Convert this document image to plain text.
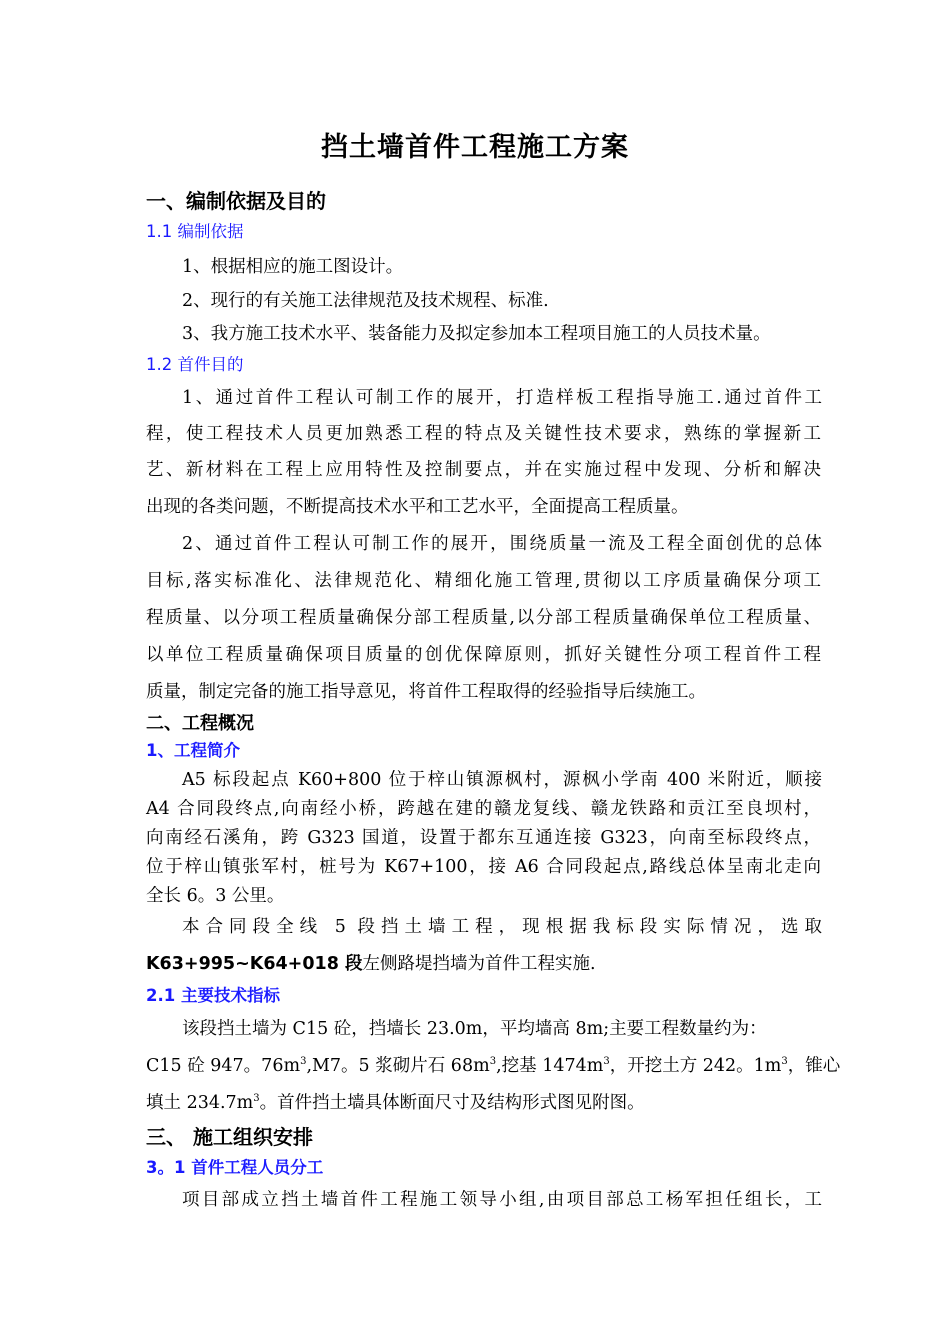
挡土墙首件工程施工方案
一、编制依据及目的
1.1 编制依据
1、根据相应的施工图设计。
2、现行的有关施工法律规范及技术规程、标准.
3、我方施工技术水平、装备能力及拟定参加本工程项目施工的人员技术量。
1.2 首件目的
1、通过首件工程认可制工作的展开，打造样板工程指导施工.通过首件工
程，使工程技术人员更加熟悉工程的特点及关键性技术要求，熟练的掌握新工
艺、新材料在工程上应用特性及控制要点，并在实施过程中发现、分析和解决
出现的各类问题，不断提高技术水平和工艺水平，全面提高工程质量。
2、通过首件工程认可制工作的展开，围绕质量一流及工程全面创优的总体
目标,落实标准化、法律规范化、精细化施工管理,贯彻以工序质量确保分项工
程质量、以分项工程质量确保分部工程质量,以分部工程质量确保单位工程质量、
以单位工程质量确保项目质量的创优保障原则，抓好关键性分项工程首件工程
质量，制定完备的施工指导意见，将首件工程取得的经验指导后续施工。
二、工程概况
1、工程简介
A5 标段起点 K60+800 位于梓山镇源枫村，源枫小学南 400 米附近，顺接
A4 合同段终点,向南经小桥，跨越在建的赣龙复线、赣龙铁路和贡江至良坝村，
向南经石溪角，跨 G323 国道，设置于都东互通连接 G323，向南至标段终点，
位于梓山镇张军村，桩号为 K67+100，接 A6 合同段起点,路线总体呈南北走向
全长 6。3 公里。
本合同段全线 5 段挡土墙工程，现根据我标段实际情况，选取
K63+995~K64+018 段左侧路堤挡墙为首件工程实施.
2.1 主要技术指标
该段挡土墙为 C15 砼，挡墙长 23.0m，平均墙高 8m;主要工程数量约为：
C15 砼 947。$76m^3,M7$。5 浆砌片石 $68m^3$,挖基 $1474m^3$，开挖土方 242。$1m^3$，锥心
填土 $234.7m^3$。首件挡土墙具体断面尺寸及结构形式图见附图。
三、 施工组织安排
3。1 首件工程人员分工
项目部成立挡土墙首件工程施工领导小组,由项目部总工杨军担任组长，工
